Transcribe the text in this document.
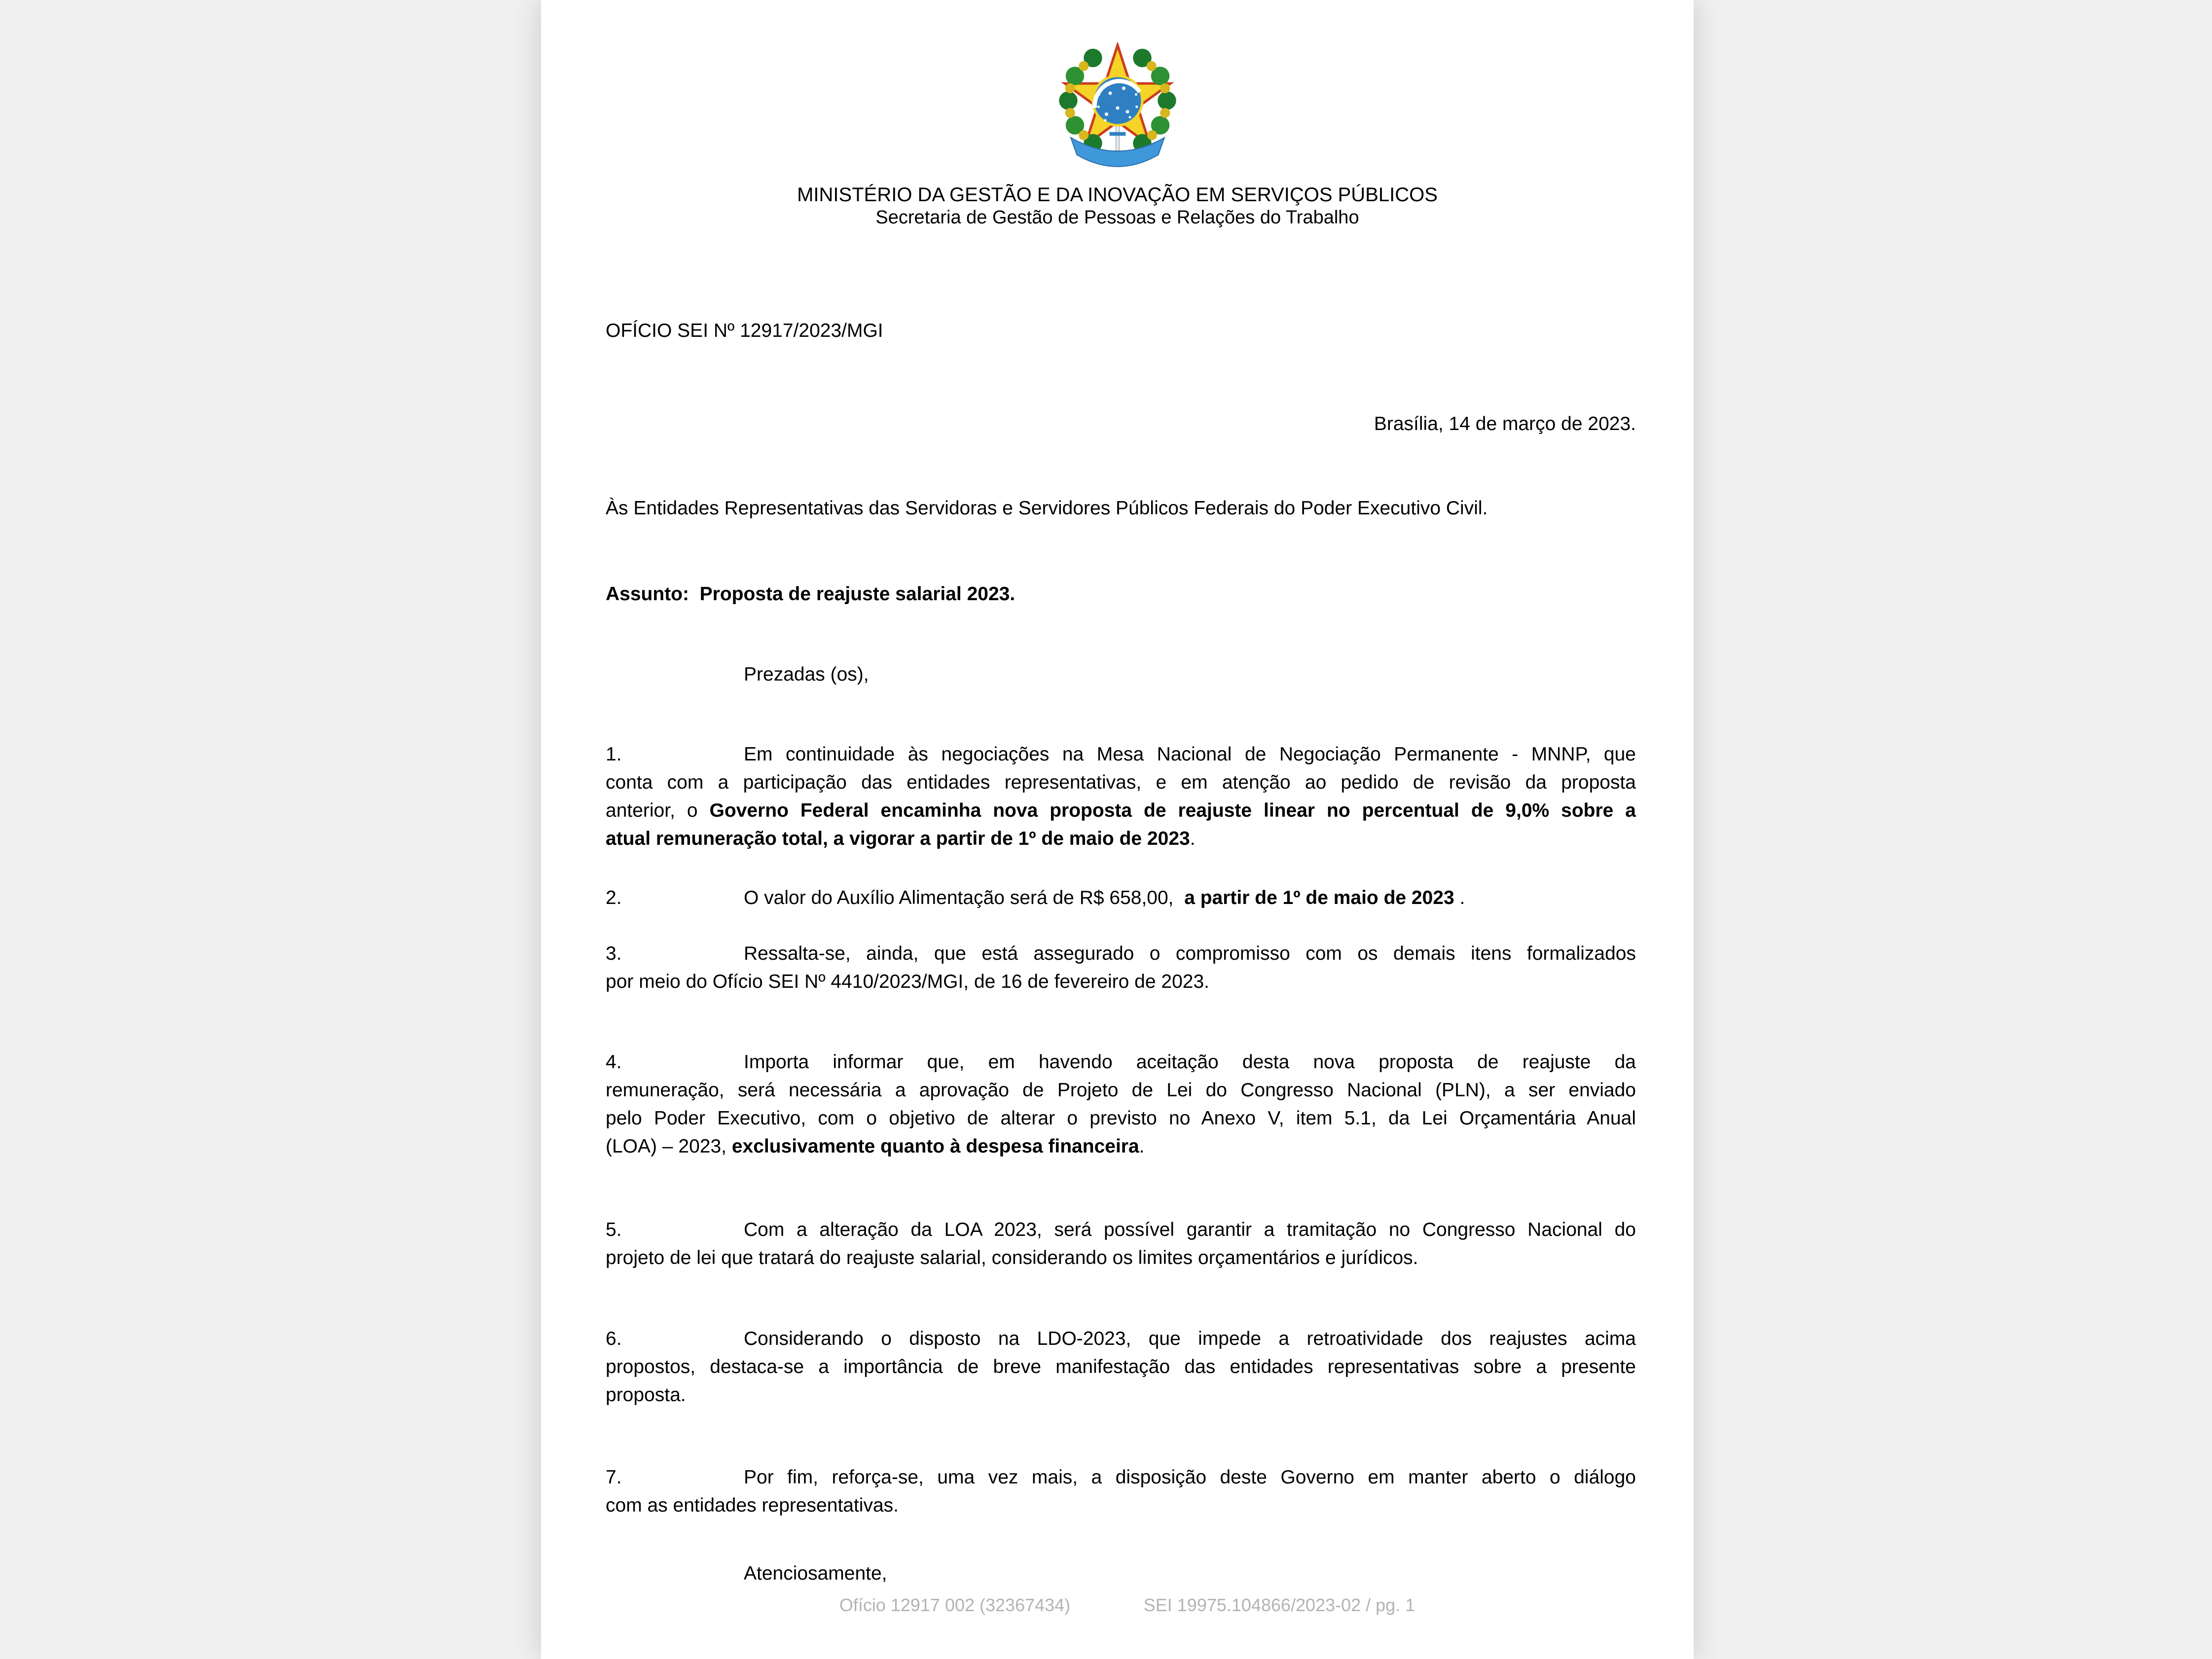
MINISTÉRIO DA GESTÃO E DA INOVAÇÃO EM SERVIÇOS PÚBLICOS
Secretaria de Gestão de Pessoas e Relações do Trabalho
OFÍCIO SEI Nº 12917/2023/MGI
Brasília, 14 de março de 2023.
Às Entidades Representativas das Servidoras e Servidores Públicos Federais do Poder Executivo Civil.
Assunto:  Proposta de reajuste salarial 2023.
Prezadas (os),
1.	Em continuidade às negociações na Mesa Nacional de Negociação Permanente - MNNP, que
conta com a participação das entidades representativas, e em atenção ao pedido de revisão da proposta
anterior, o Governo Federal encaminha nova proposta de reajuste linear no percentual de 9,0% sobre a
atual remuneração total, a vigorar a partir de 1º de maio de 2023.
2.	O valor do Auxílio Alimentação será de R$ 658,00,  a partir de 1º de maio de 2023 .
3.	Ressalta-se, ainda, que está assegurado o compromisso com os demais itens formalizados
por meio do Ofício SEI Nº 4410/2023/MGI, de 16 de fevereiro de 2023.
4.	Importa informar que, em havendo aceitação desta nova proposta de reajuste da
remuneração, será necessária a aprovação de Projeto de Lei do Congresso Nacional (PLN), a ser enviado
pelo Poder Executivo, com o objetivo de alterar o previsto no Anexo V, item 5.1, da Lei Orçamentária Anual
(LOA) – 2023, exclusivamente quanto à despesa financeira.
5.	Com a alteração da LOA 2023, será possível garantir a tramitação no Congresso Nacional do
projeto de lei que tratará do reajuste salarial, considerando os limites orçamentários e jurídicos.
6.	Considerando o disposto na LDO-2023, que impede a retroatividade dos reajustes acima
propostos, destaca-se a importância de breve manifestação das entidades representativas sobre a presente
proposta.
7.	Por fim, reforça-se, uma vez mais, a disposição deste Governo em manter aberto o diálogo
com as entidades representativas.
Atenciosamente,
Ofício 12917 002 (32367434)	SEI 19975.104866/2023-02 / pg. 1
